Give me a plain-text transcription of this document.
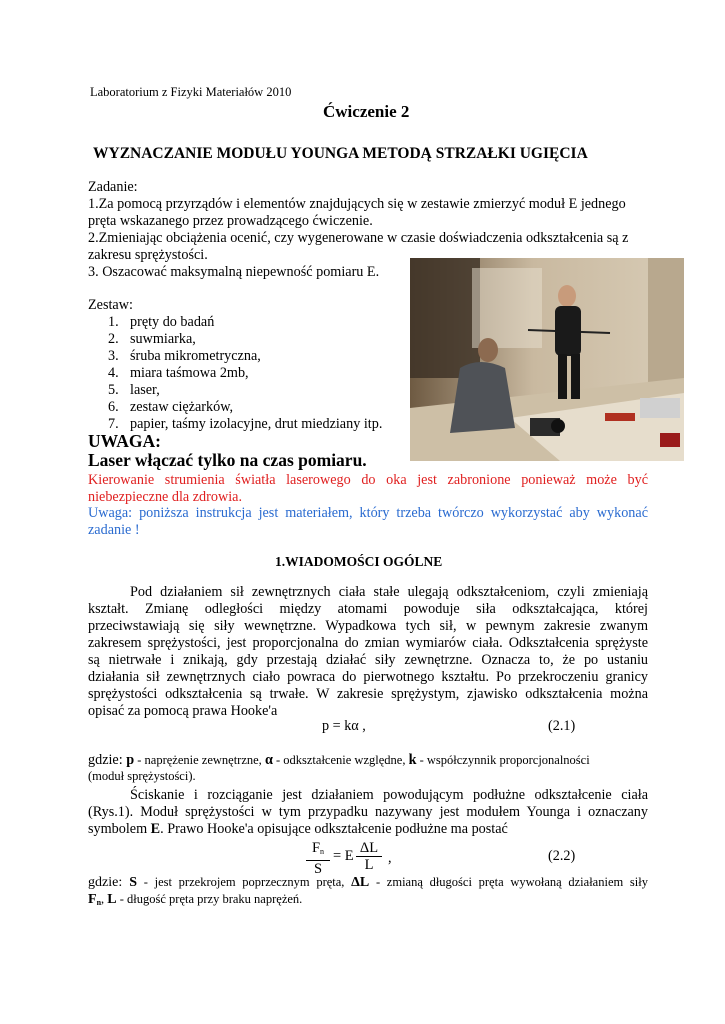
Laboratorium z Fizyki Materiałów 2010
Ćwiczenie 2
WYZNACZANIE MODUŁU YOUNGA METODĄ STRZAŁKI UGIĘCIA
Zadanie:
1.Za pomocą przyrządów i elementów znajdujących się w zestawie zmierzyć moduł E jednego
pręta wskazanego przez prowadzącego ćwiczenie.
2.Zmieniając obciążenia ocenić, czy wygenerowane w czasie doświadczenia odkształcenia są z
zakresu sprężystości.
3. Oszacować maksymalną niepewność pomiaru E.
Zestaw:
1. pręty do badań
2. suwmiarka,
3. śruba mikrometryczna,
4. miara taśmowa 2mb,
5. laser,
6. zestaw ciężarków,
7. papier, taśmy izolacyjne, drut miedziany itp.
UWAGA:
Laser włączać tylko na czas pomiaru.
Kierowanie strumienia światła laserowego do oka jest zabronione ponieważ może być
niebezpieczne dla zdrowia.
Uwaga: poniższa instrukcja jest materiałem, który trzeba twórczo wykorzystać aby wykonać
zadanie !
1.WIADOMOŚCI OGÓLNE
Pod działaniem sił zewnętrznych ciała stałe ulegają odkształceniom, czyli zmieniają
kształt. Zmianę odległości między atomami powoduje siła odkształcająca, której
przeciwstawiają się siły wewnętrzne. Wypadkowa tych sił, w pewnym zakresie zwanym
zakresem sprężystości, jest proporcjonalna do zmian wymiarów ciała. Odkształcenia sprężyste
są nietrwałe i znikają, gdy przestają działać siły zewnętrzne. Oznacza to, że po ustaniu
działania sił zewnętrznych ciało powraca do pierwotnego kształtu. Po przekroczeniu granicy
sprężystości odkształcenia są trwałe. W zakresie sprężystym, zjawisko odkształcenia można
opisać za pomocą prawa Hooke'a
p = kα ,	(2.1)
gdzie: p - naprężenie zewnętrzne, α - odkształcenie względne, k - współczynnik proporcjonalności
(moduł sprężystości).
Ściskanie i rozciąganie jest działaniem powodującym podłużne odkształcenie ciała
(Rys.1). Moduł sprężystości w tym przypadku nazywany jest modułem Younga i oznaczany
symbolem E. Prawo Hooke'a opisujące odkształcenie podłużne ma postać
$\frac{F_n}{S} = E \frac{\Delta L}{L}$ ,	(2.2)
gdzie: S - jest przekrojem poprzecznym pręta, ΔL - zmianą długości pręta wywołaną działaniem siły
$F_n$, L - długość pręta przy braku naprężeń.
